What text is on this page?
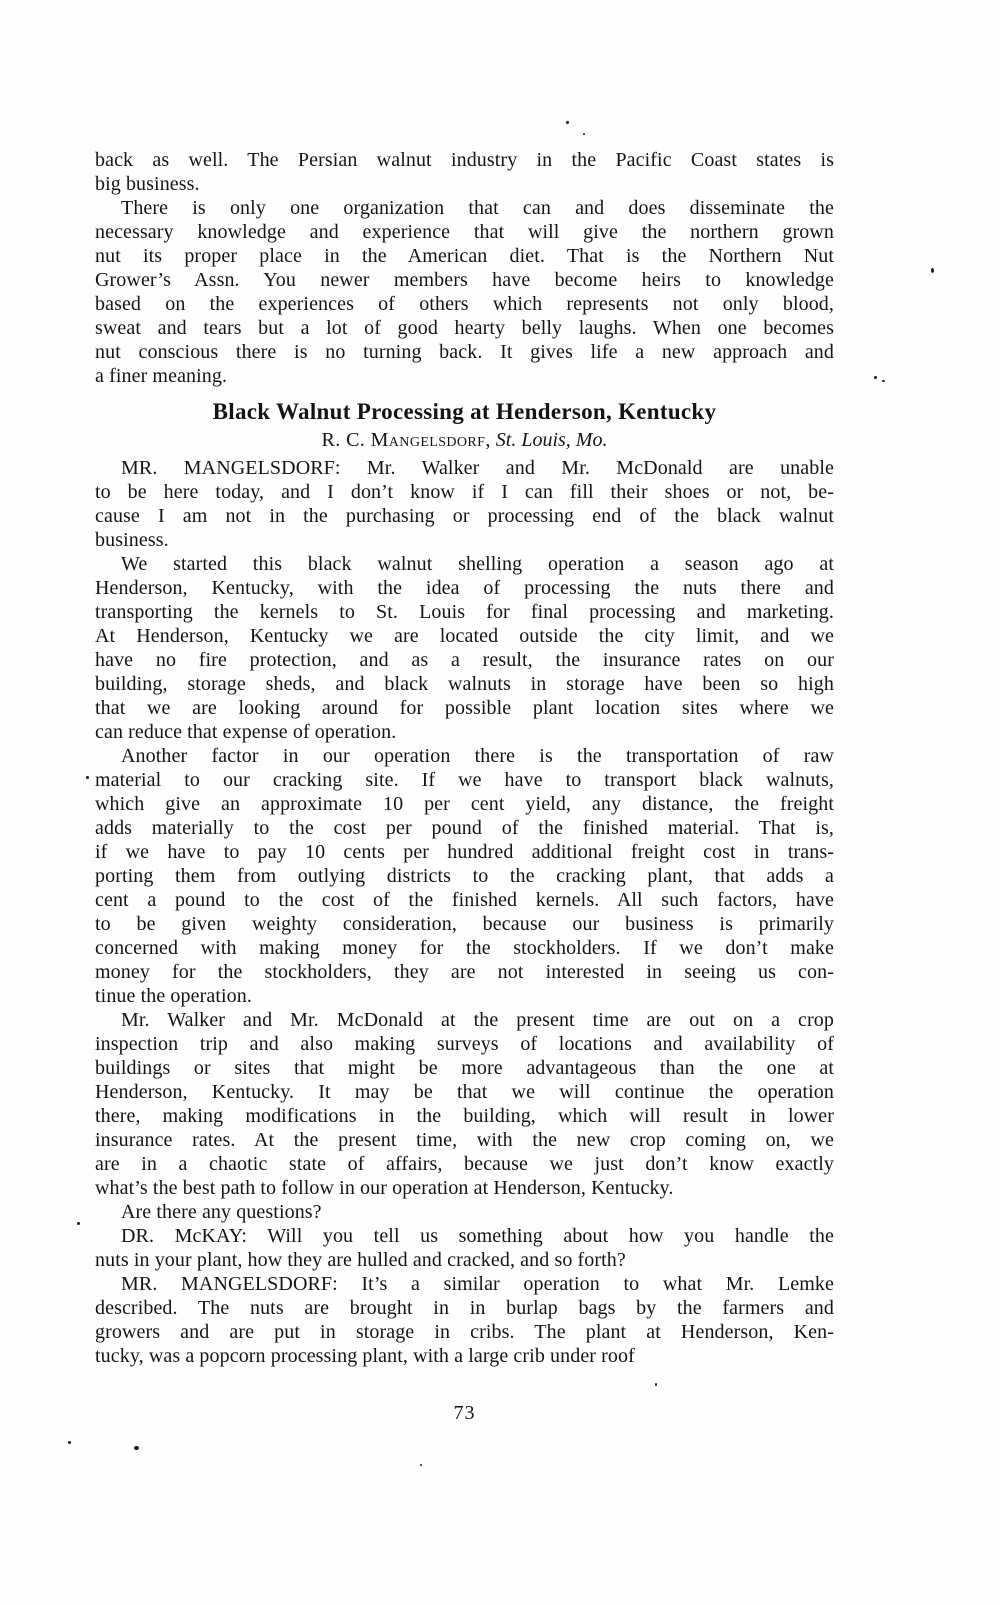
back as well. The Persian walnut industry in the Pacific Coast states is
big business.
There is only one organization that can and does disseminate the
necessary knowledge and experience that will give the northern grown
nut its proper place in the American diet. That is the Northern Nut
Grower’s Assn. You newer members have become heirs to knowledge
based on the experiences of others which represents not only blood,
sweat and tears but a lot of good hearty belly laughs. When one becomes
nut conscious there is no turning back. It gives life a new approach and
a finer meaning.
Black Walnut Processing at Henderson, Kentucky
R. C. Mangelsdorf, St. Louis, Mo.
MR. MANGELSDORF: Mr. Walker and Mr. McDonald are unable
to be here today, and I don’t know if I can fill their shoes or not, be-
cause I am not in the purchasing or processing end of the black walnut
business.
We started this black walnut shelling operation a season ago at
Henderson, Kentucky, with the idea of processing the nuts there and
transporting the kernels to St. Louis for final processing and marketing.
At Henderson, Kentucky we are located outside the city limit, and we
have no fire protection, and as a result, the insurance rates on our
building, storage sheds, and black walnuts in storage have been so high
that we are looking around for possible plant location sites where we
can reduce that expense of operation.
Another factor in our operation there is the transportation of raw
material to our cracking site. If we have to transport black walnuts,
which give an approximate 10 per cent yield, any distance, the freight
adds materially to the cost per pound of the finished material. That is,
if we have to pay 10 cents per hundred additional freight cost in trans-
porting them from outlying districts to the cracking plant, that adds a
cent a pound to the cost of the finished kernels. All such factors, have
to be given weighty consideration, because our business is primarily
concerned with making money for the stockholders. If we don’t make
money for the stockholders, they are not interested in seeing us con-
tinue the operation.
Mr. Walker and Mr. McDonald at the present time are out on a crop
inspection trip and also making surveys of locations and availability of
buildings or sites that might be more advantageous than the one at
Henderson, Kentucky. It may be that we will continue the operation
there, making modifications in the building, which will result in lower
insurance rates. At the present time, with the new crop coming on, we
are in a chaotic state of affairs, because we just don’t know exactly
what’s the best path to follow in our operation at Henderson, Kentucky.
Are there any questions?
DR. McKAY: Will you tell us something about how you handle the
nuts in your plant, how they are hulled and cracked, and so forth?
MR. MANGELSDORF: It’s a similar operation to what Mr. Lemke
described. The nuts are brought in in burlap bags by the farmers and
growers and are put in storage in cribs. The plant at Henderson, Ken-
tucky, was a popcorn processing plant, with a large crib under roof
73
